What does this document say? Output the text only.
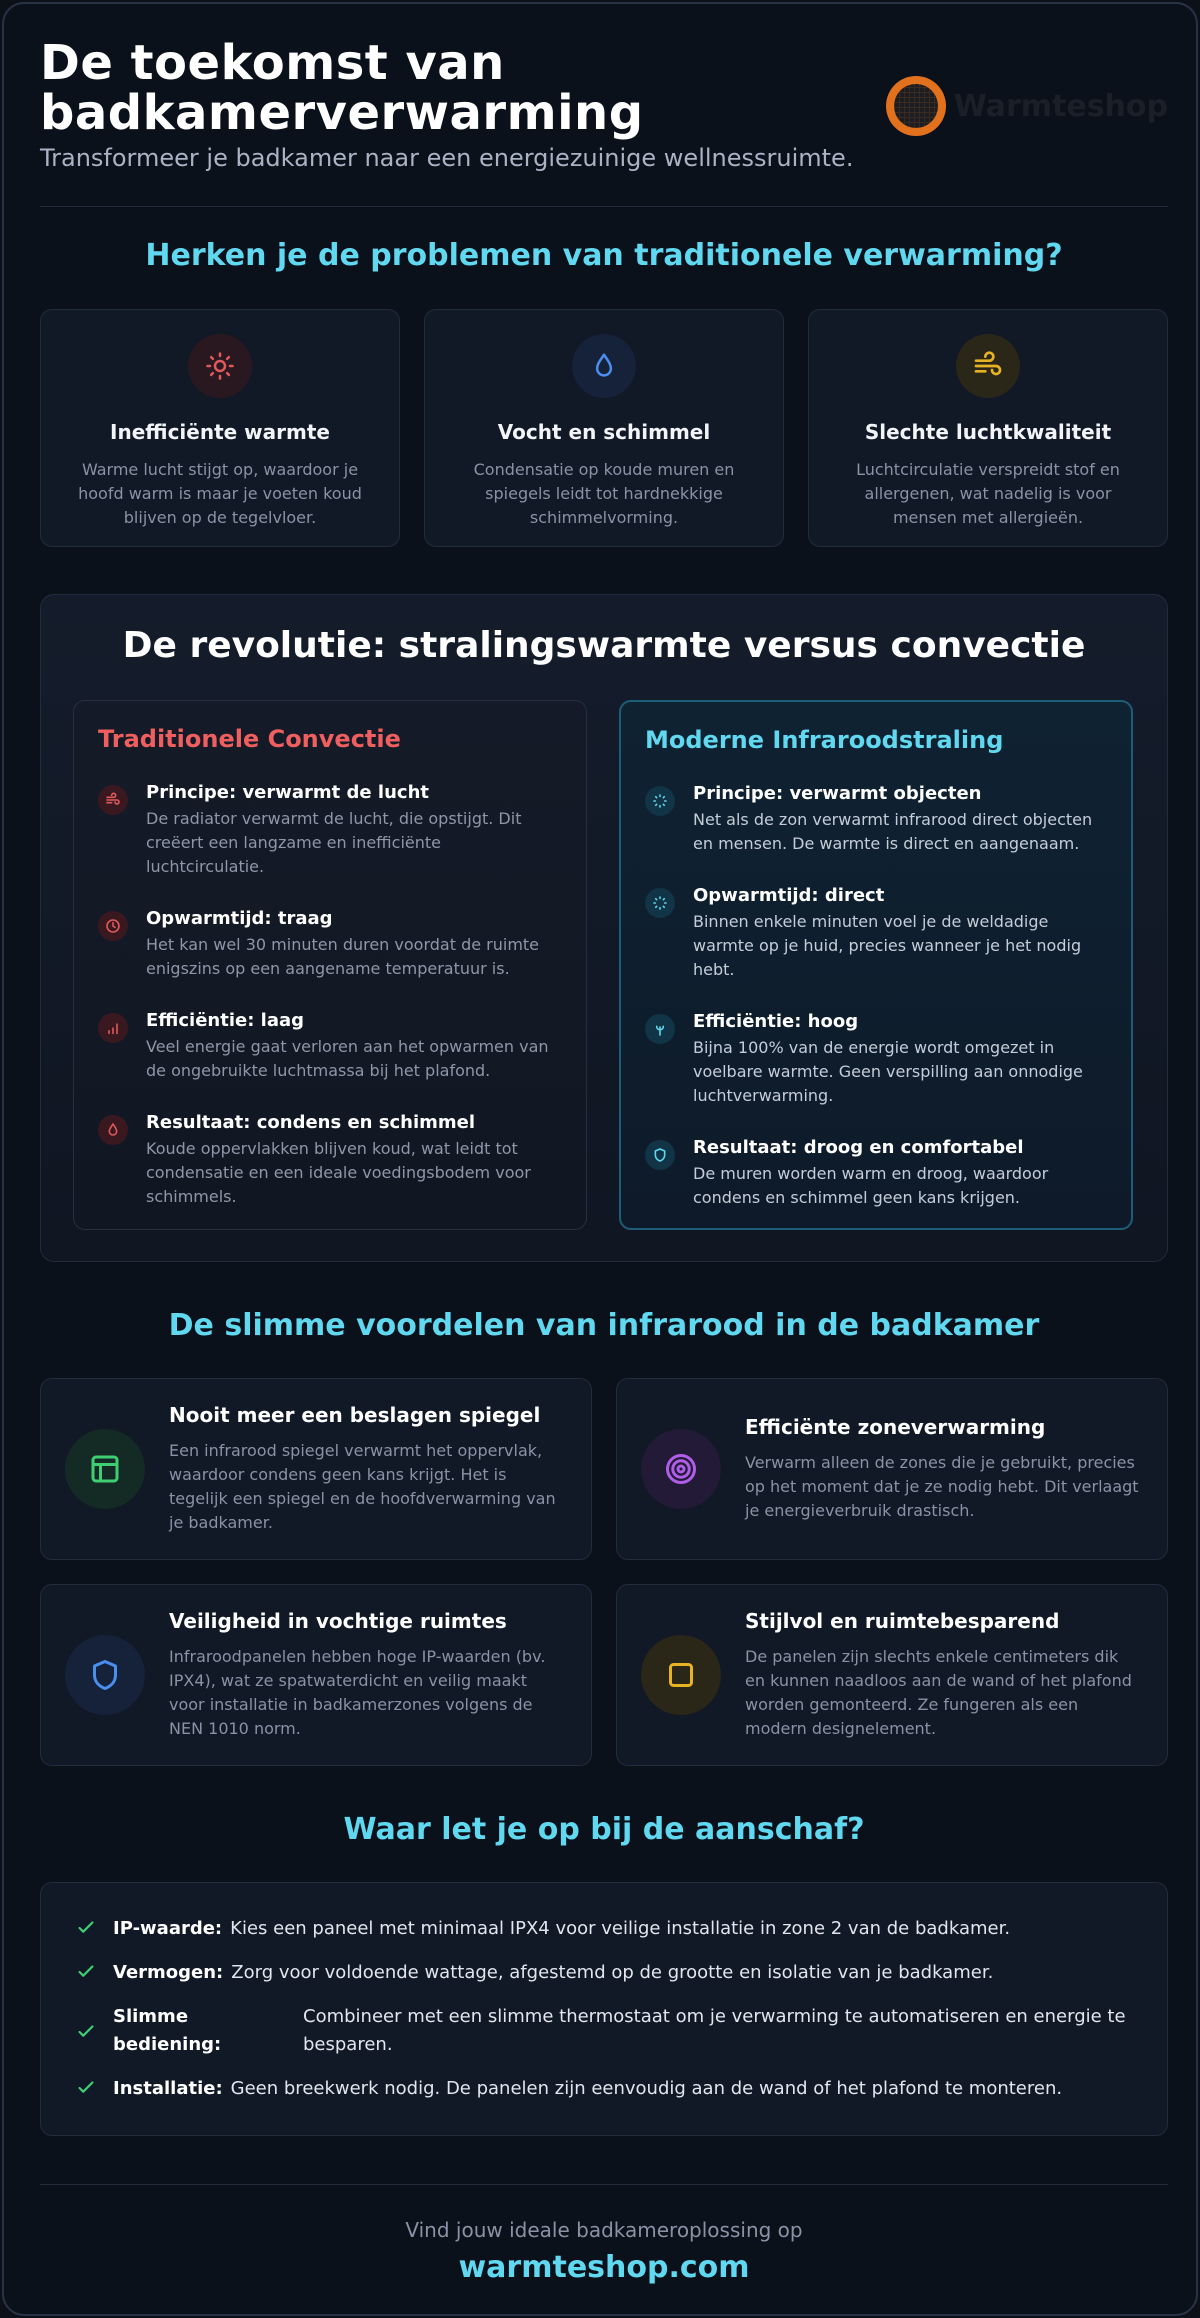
De toekomst van badkamerverwarming
Transformeer je badkamer naar een energiezuinige wellnessruimte.
Warmteshop
Herken je de problemen van traditionele verwarming?
Inefficiënte warmte
Warme lucht stijgt op, waardoor je hoofd warm is maar je voeten koud blijven op de tegelvloer.
Vocht en schimmel
Condensatie op koude muren en spiegels leidt tot hardnekkige schimmelvorming.
Slechte luchtkwaliteit
Luchtcirculatie verspreidt stof en allergenen, wat nadelig is voor mensen met allergieën.
De revolutie: stralingswarmte versus convectie
Traditionele Convectie
Principe: verwarmt de lucht
De radiator verwarmt de lucht, die opstijgt. Dit creëert een langzame en inefficiënte luchtcirculatie.
Opwarmtijd: traag
Het kan wel 30 minuten duren voordat de ruimte enigszins op een aangename temperatuur is.
Efficiëntie: laag
Veel energie gaat verloren aan het opwarmen van de ongebruikte luchtmassa bij het plafond.
Resultaat: condens en schimmel
Koude oppervlakken blijven koud, wat leidt tot condensatie en een ideale voedingsbodem voor schimmels.
Moderne Infraroodstraling
Principe: verwarmt objecten
Net als de zon verwarmt infrarood direct objecten en mensen. De warmte is direct en aangenaam.
Opwarmtijd: direct
Binnen enkele minuten voel je de weldadige warmte op je huid, precies wanneer je het nodig hebt.
Efficiëntie: hoog
Bijna 100% van de energie wordt omgezet in voelbare warmte. Geen verspilling aan onnodige luchtverwarming.
Resultaat: droog en comfortabel
De muren worden warm en droog, waardoor condens en schimmel geen kans krijgen.
De slimme voordelen van infrarood in de badkamer
Nooit meer een beslagen spiegel
Een infrarood spiegel verwarmt het oppervlak, waardoor condens geen kans krijgt. Het is tegelijk een spiegel en de hoofdverwarming van je badkamer.
Efficiënte zoneverwarming
Verwarm alleen de zones die je gebruikt, precies op het moment dat je ze nodig hebt. Dit verlaagt je energieverbruik drastisch.
Veiligheid in vochtige ruimtes
Infraroodpanelen hebben hoge IP-waarden (bv. IPX4), wat ze spatwaterdicht en veilig maakt voor installatie in badkamerzones volgens de NEN 1010 norm.
Stijlvol en ruimtebesparend
De panelen zijn slechts enkele centimeters dik en kunnen naadloos aan de wand of het plafond worden gemonteerd. Ze fungeren als een modern designelement.
Waar let je op bij de aanschaf?
IP-waarde: Kies een paneel met minimaal IPX4 voor veilige installatie in zone 2 van de badkamer.
Vermogen: Zorg voor voldoende wattage, afgestemd op de grootte en isolatie van je badkamer.
Slimme bediening:
Combineer met een slimme thermostaat om je verwarming te automatiseren en energie te besparen.
Installatie: Geen breekwerk nodig. De panelen zijn eenvoudig aan de wand of het plafond te monteren.
Vind jouw ideale badkameroplossing op
warmteshop.com
